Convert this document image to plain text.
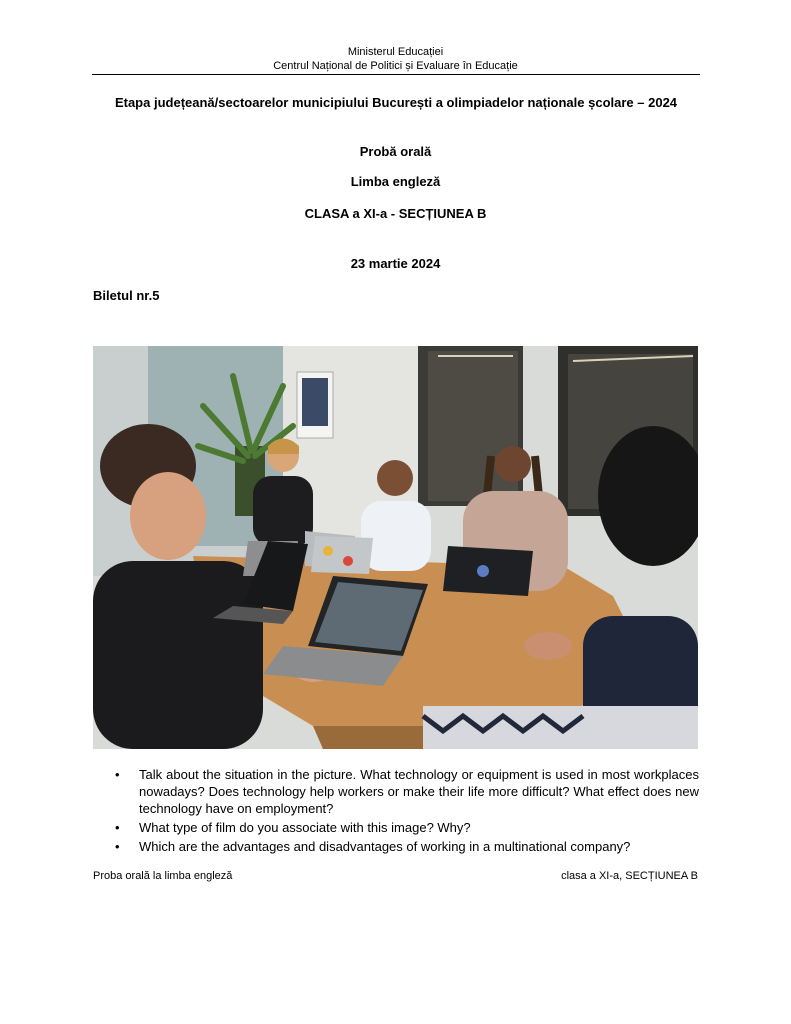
Ministerul Educației
Centrul Național de Politici și Evaluare în Educație
Etapa județeană/sectoarelor municipiului București a olimpiadelor naționale școlare – 2024
Probă orală
Limba engleză
CLASA a XI-a - SECȚIUNEA B
23 martie 2024
Biletul nr.5
• Talk about the situation in the picture. What technology or equipment is used in most workplaces nowadays? Does technology help workers or make their life more difficult? What effect does new technology have on employment?
• What type of film do you associate with this image? Why?
• Which are the advantages and disadvantages of working in a multinational company?
Proba orală la limba engleză	clasa a XI-a, SECȚIUNEA B
